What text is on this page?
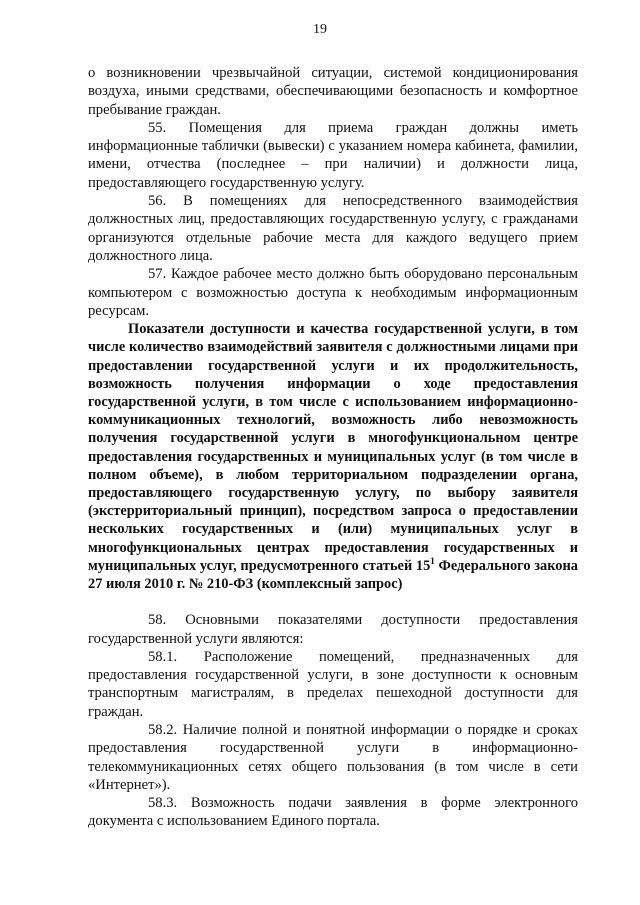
19

о возникновении чрезвычайной ситуации, системой кондиционирования воздуха, иными средствами, обеспечивающими безопасность и комфортное пребывание граждан.

55. Помещения для приема граждан должны иметь информационные таблички (вывески) с указанием номера кабинета, фамилии, имени, отчества (последнее – при наличии) и должности лица, предоставляющего государственную услугу.

56. В помещениях для непосредственного взаимодействия должностных лиц, предоставляющих государственную услугу, с гражданами организуются отдельные рабочие места для каждого ведущего прием должностного лица.

57. Каждое рабочее место должно быть оборудовано персональным компьютером с возможностью доступа к необходимым информационным ресурсам.

Показатели доступности и качества государственной услуги, в том числе количество взаимодействий заявителя с должностными лицами при предоставлении государственной услуги и их продолжительность, возможность получения информации о ходе предоставления государственной услуги, в том числе с использованием информационно-коммуникационных технологий, возможность либо невозможность получения государственной услуги в многофункциональном центре предоставления государственных и муниципальных услуг (в том числе в полном объеме), в любом территориальном подразделении органа, предоставляющего государственную услугу, по выбору заявителя (экстерриториальный принцип), посредством запроса о предоставлении нескольких государственных и (или) муниципальных услуг в многофункциональных центрах предоставления государственных и муниципальных услуг, предусмотренного статьей $15^1$ Федерального закона 27 июля 2010 г. № 210-ФЗ (комплексный запрос)

58. Основными показателями доступности предоставления государственной услуги являются:

58.1. Расположение помещений, предназначенных для предоставления государственной услуги, в зоне доступности к основным транспортным магистралям, в пределах пешеходной доступности для граждан.

58.2. Наличие полной и понятной информации о порядке и сроках предоставления государственной услуги в информационно-телекоммуникационных сетях общего пользования (в том числе в сети «Интернет»).

58.3. Возможность подачи заявления в форме электронного документа с использованием Единого портала.
